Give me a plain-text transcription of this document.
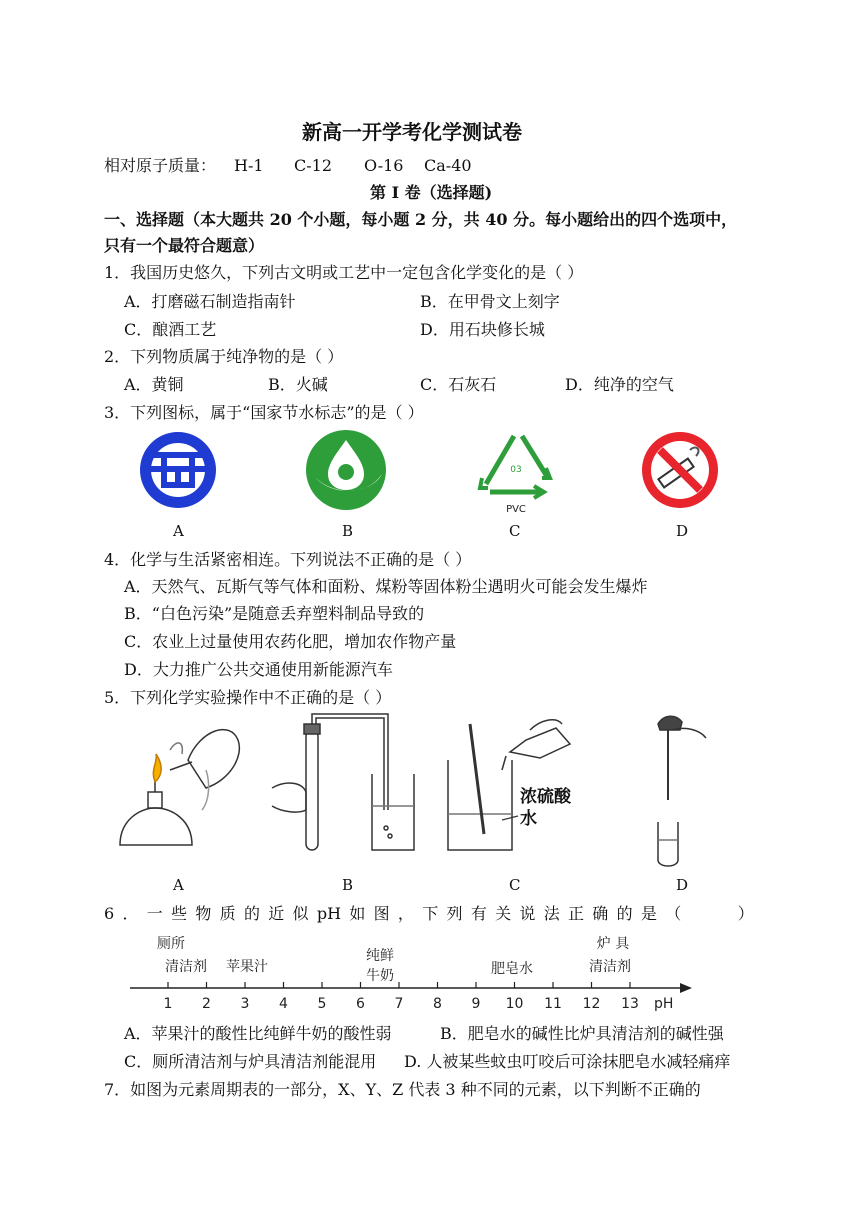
新高一开学考化学测试卷
相对原子质量： H-1 C-12 O-16 Ca-40
第 I 卷（选择题)
一、选择题（本大题共 20 个小题，每小题 2 分，共 40 分。每小题给出的四个选项中，
只有一个最符合题意）
1．我国历史悠久，下列古文明或工艺中一定包含化学变化的是（ ）
A．打磨磁石制造指南针	B．在甲骨文上刻字
C．酿酒工艺	D．用石块修长城
2．下列物质属于纯净物的是（ ）
A．黄铜	B．火碱	C．石灰石	D．纯净的空气
3．下列图标，属于“国家节水标志”的是（ ）
03
PVC
A	B	C	D
4．化学与生活紧密相连。下列说法不正确的是（ ）
A．天然气、瓦斯气等气体和面粉、煤粉等固体粉尘遇明火可能会发生爆炸
B．“白色污染”是随意丢弃塑料制品导致的
C．农业上过量使用农药化肥，增加农作物产量
D．大力推广公共交通使用新能源汽车
5．下列化学实验操作中不正确的是（ ）
浓硫酸
水
A	B	C	D
6 ． 一 些 物 质 的 近 似 pH 如 图 ， 下 列 有 关 说 法 正 确 的 是 （	）
1 2 3 4 5 6 7 8 9 10 11 12 13 pH
厕所
清洁剂 苹果汁
纯鲜
牛奶	肥皂水
炉 具
清洁剂
A．苹果汁的酸性比纯鲜牛奶的酸性弱	B．肥皂水的碱性比炉具清洁剂的碱性强
C．厕所清洁剂与炉具清洁剂能混用 D. 人被某些蚊虫叮咬后可涂抹肥皂水减轻痛痒
7．如图为元素周期表的一部分，X、Y、Z 代表 3 种不同的元素，以下判断不正确的
